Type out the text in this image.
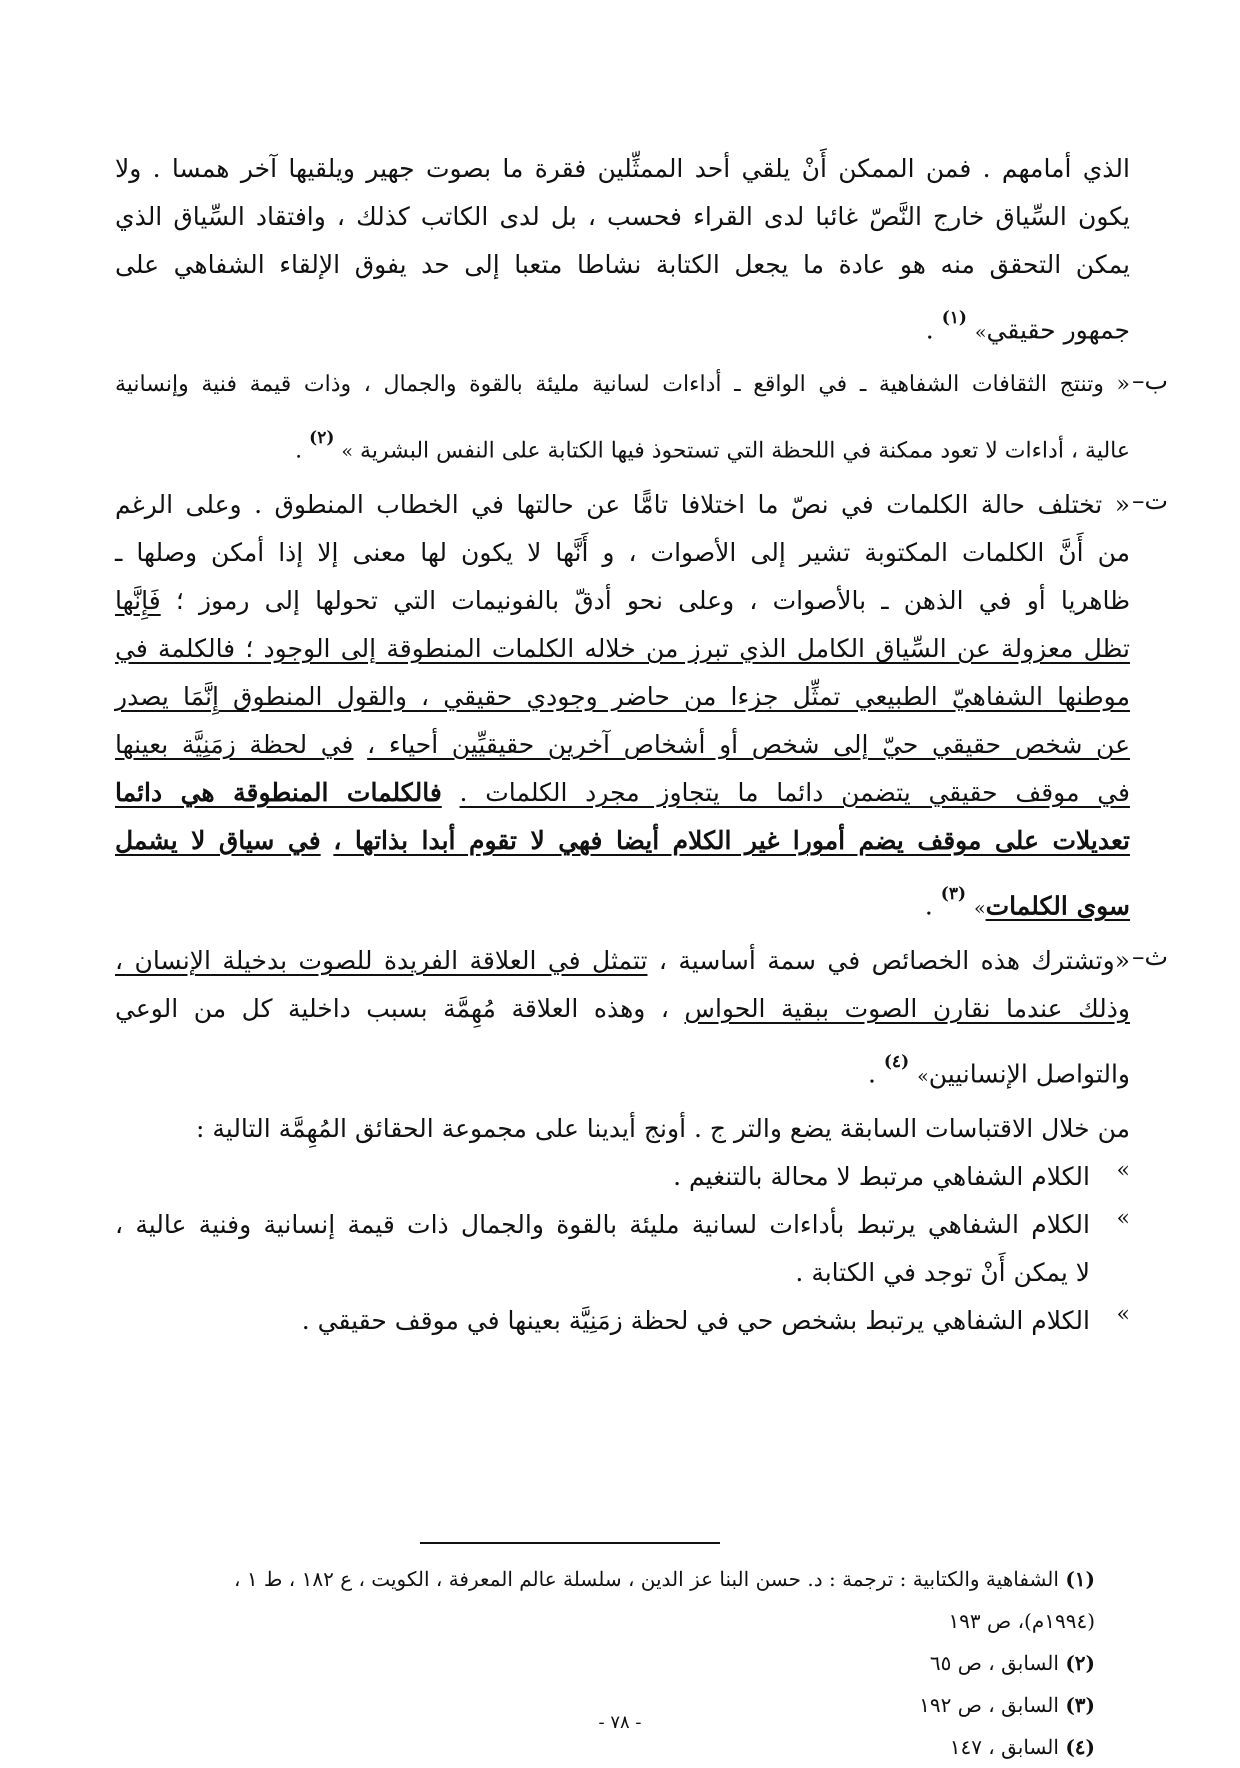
الذي أمامهم . فمن الممكن أَنْ يلقي أحد الممثِّلين فقرة ما بصوت جهير ويلقيها آخر همسا . ولا
يكون السِّياق خارج النَّصّ غائبا لدى القراء فحسب ، بل لدى الكاتب كذلك ، وافتقاد السِّياق الذي
يمكن التحقق منه هو عادة ما يجعل الكتابة نشاطا متعبا إلى حد يفوق الإلقاء الشفاهي على
جمهور حقيقي» $^{(١)}$ .
ب–
« وتنتج الثقافات الشفاهية ـ في الواقع ـ أداءات لسانية مليئة بالقوة والجمال ، وذات قيمة فنية وإنسانية
عالية ، أداءات لا تعود ممكنة في اللحظة التي تستحوذ فيها الكتابة على النفس البشرية » $^{(٢)}$ .
ت–
« تختلف حالة الكلمات في نصّ ما اختلافا تامًّا عن حالتها في الخطاب المنطوق . وعلى الرغم
من أَنَّ الكلمات المكتوبة تشير إلى الأصوات ، و أَنَّها لا يكون لها معنى إلا إذا أمكن وصلها ـ
ظاهريا أو في الذهن ـ بالأصوات ، وعلى نحو أدقّ بالفونيمات التي تحولها إلى رموز ؛ فَإِنَّها
تظل معزولة عن السِّياق الكامل الذي تبرز من خلاله الكلمات المنطوقة إلى الوجود ؛ فالكلمة في
موطنها الشفاهيّ الطبيعي تمثِّل جزءا من حاضر وجودي حقيقي ، والقول المنطوق إِنَّمَا يصدر
عن شخص حقيقي حيّ إلى شخص أو أشخاص آخرين حقيقيِّين أحياء ، في لحظة زمَنِيَّة بعينها
في موقف حقيقي يتضمن دائما ما يتجاوز مجرد الكلمات . فالكلمات المنطوقة هي دائما
تعديلات على موقف يضم أمورا غير الكلام أيضا فهي لا تقوم أبدا بذاتها ، في سياق لا يشمل
سوى الكلمات» $^{(٣)}$ .
ث–
«وتشترك هذه الخصائص في سمة أساسية ، تتمثل في العلاقة الفريدة للصوت بدخيلة الإنسان ،
وذلك عندما نقارن الصوت ببقية الحواس ، وهذه العلاقة مُهِمَّة بسبب داخلية كل من الوعي
والتواصل الإنسانيين» $^{(٤)}$ .
من خلال الاقتباسات السابقة يضع والتر ج . أونج أيدينا على مجموعة الحقائق المُهِمَّة التالية :
»
الكلام الشفاهي مرتبط لا محالة بالتنغيم .
»
الكلام الشفاهي يرتبط بأداءات لسانية مليئة بالقوة والجمال ذات قيمة إنسانية وفنية عالية ،
لا يمكن أَنْ توجد في الكتابة .
»
الكلام الشفاهي يرتبط بشخص حي في لحظة زمَنِيَّة بعينها في موقف حقيقي .
(١) الشفاهية والكتابية : ترجمة : د. حسن البنا عز الدين ، سلسلة عالم المعرفة ، الكويت ، ع ١٨٢ ، ط ١ ،
(١٩٩٤م)، ص ١٩٣
(٢) السابق ، ص ٦٥
(٣) السابق ، ص ١٩٢
(٤) السابق ، ١٤٧
- ٧٨ -
